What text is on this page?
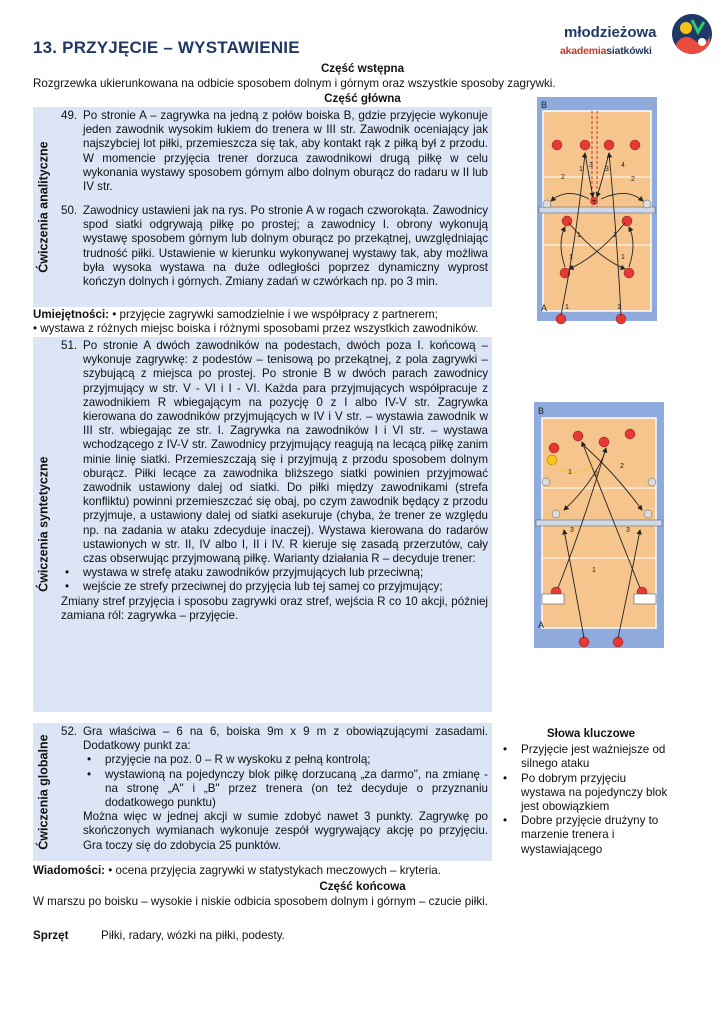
13. PRZYJĘCIE – WYSTAWIENIE
młodzieżowa
akademiasiatkówki
Część wstępna
Rozgrzewka ukierunkowana na odbicie sposobem dolnym i górnym oraz wszystkie sposoby zagrywki.
Część główna
Ćwiczenia analityczne
49. Po stronie A – zagrywka na jedną z połów boiska B, gdzie przyjęcie wykonuje jeden zawodnik wysokim łukiem do trenera w III str. Zawodnik oceniający jak najszybciej lot piłki, przemieszcza się tak, aby kontakt rąk z piłką był z przodu. W momencie przyjęcia trener dorzuca zawodnikowi drugą piłkę w celu wykonania wystawy sposobem górnym albo dolnym oburącz do radaru w II lub IV str.
50. Zawodnicy ustawieni jak na rys. Po stronie A w rogach czworokąta. Zawodnicy spod siatki odgrywają piłkę po prostej; a zawodnicy I. obrony wykonują wystawę sposobem górnym lub dolnym oburącz po przekątnej, uwzględniając trudność piłki. Ustawienie w kierunku wykonywanej wystawy tak, aby możliwa była wysoka wystawa na duże odległości poprzez dynamiczny wyprost kończyn dolnych i górnych. Zmiany zadań w czwórkach np. po 3 min.
Umiejętności: • przyjęcie zagrywki samodzielnie i we współpracy z partnerem;
• wystawa z różnych miejsc boiska i różnymi sposobami przez wszystkich zawodników.
Ćwiczenia syntetyczne
51. Po stronie A dwóch zawodników na podestach, dwóch poza I. końcową – wykonuje zagrywkę: z podestów – tenisową po przekątnej, z pola zagrywki – szybującą z miejsca po prostej. Po stronie B w dwóch parach zawodnicy przyjmujący w str. V - VI i I - VI. Każda para przyjmujących współpracuje z zawodnikiem R wbiegającym na pozycję 0 z I albo IV-V str. Zagrywka kierowana do zawodników przyjmujących w IV i V str. – wystawia zawodnik w III str. wbiegając ze str. I. Zagrywka na zawodników I i VI str. – wystawa wchodzącego z IV-V str. Zawodnicy przyjmujący reagują na lecącą piłkę zanim minie linię siatki. Przemieszczają się i przyjmują z przodu sposobem dolnym oburącz. Piłki lecące za zawodnika bliższego siatki powinien przyjmować zawodnik ustawiony dalej od siatki. Do piłki między zawodnikami (strefa konfliktu) powinni przemieszczać się obaj, po czym zawodnik będący z przodu przyjmuje, a ustawiony dalej od siatki asekuruje (chyba, że trener ze względu np. na zadania w ataku zdecyduje inaczej). Wystawa kierowana do radarów ustawionych w str. II, IV albo I, II i IV. R kieruje się zasadą przerzutów, cały czas obserwując przyjmowaną piłkę. Warianty działania R – decyduje trener:
• wystawa w strefę ataku zawodników przyjmujących lub przeciwną;
• wejście ze strefy przeciwnej do przyjęcia lub tej samej co przyjmujący;
Zmiany stref przyjęcia i sposobu zagrywki oraz stref, wejścia R co 10 akcji, później zamiana ról: zagrywka – przyjęcie.
Ćwiczenia globalne
52. Gra właściwa – 6 na 6, boiska 9m x 9 m z obowiązującymi zasadami. Dodatkowy punkt za:
• przyjęcie na poz. 0 – R w wyskoku z pełną kontrolą;
• wystawioną na pojedynczy blok piłkę dorzucaną „za darmo", na zmianę - na stronę „A" i „B" przez trenera (on też decyduje o przyznaniu dodatkowego punktu)
Można więc w jednej akcji w sumie zdobyć nawet 3 punkty. Zagrywkę po skończonych wymianach wykonuje zespół wygrywający akcję po przyjęciu. Gra toczy się do zdobycia 25 punktów.
Słowa kluczowe
• Przyjęcie jest ważniejsze od silnego ataku
• Po dobrym przyjęciu wystawa na pojedynczy blok jest obowiązkiem
• Dobre przyjęcie drużyny to marzenie trenera i wystawiającego
Wiadomości: • ocena przyjęcia zagrywki w statystykach meczowych – kryteria.
Część końcowa
W marszu po boisku – wysokie i niskie odbicia sposobem dolnym i górnym – czucie piłki.
Sprzęt	Piłki, radary, wózki na piłki, podesty.
B
A
1
2
3	4
2
3
T
1	1
1	1
1	1
B
A
1	2
2
3	3
1
